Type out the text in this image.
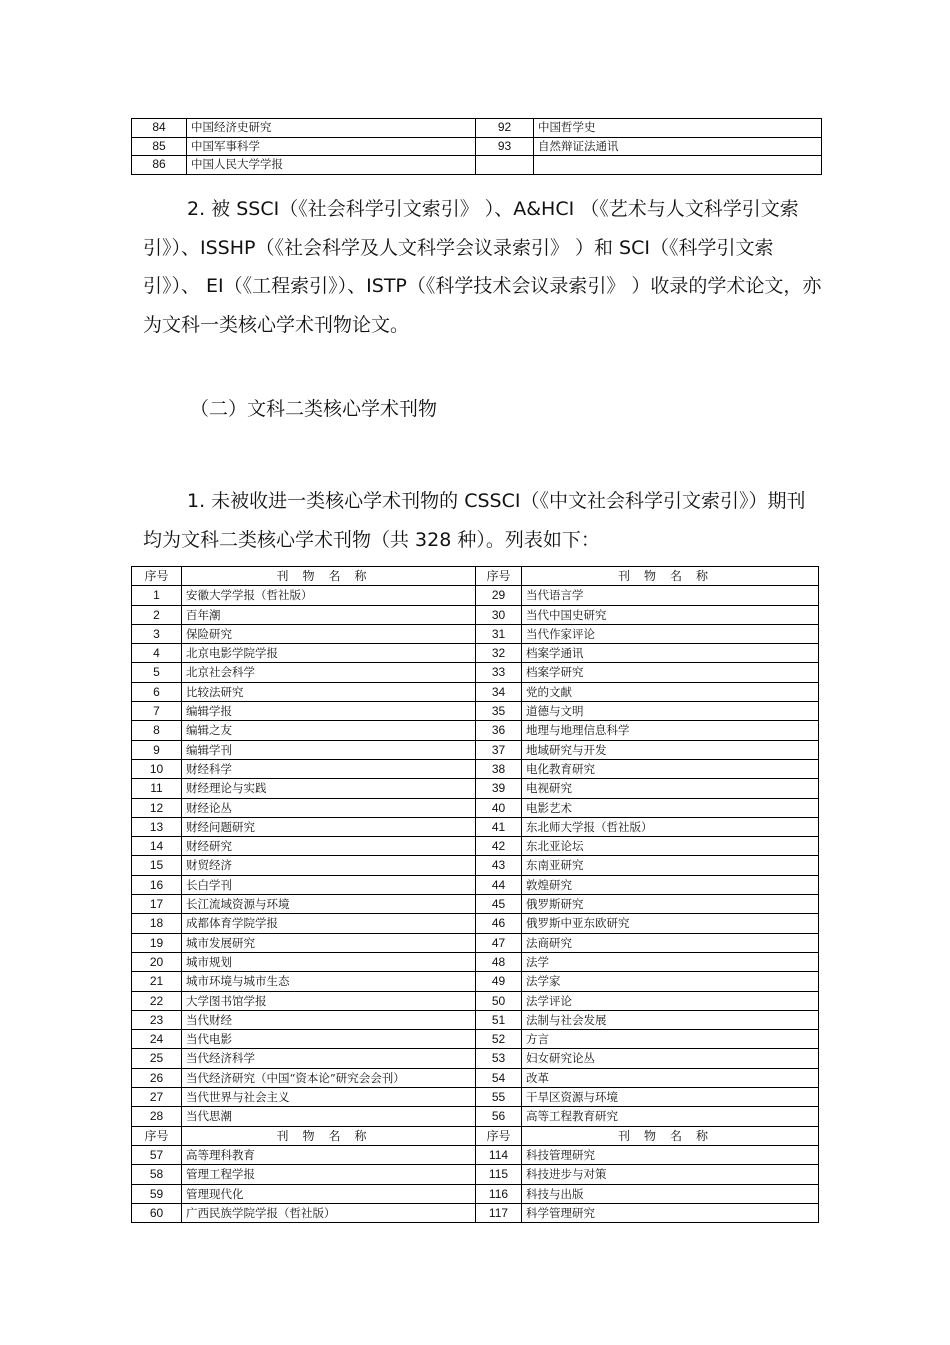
84	中国经济史研究	92	中国哲学史
85	中国军事科学	93	自然辩证法通讯
86	中国人民大学学报		

2. 被 SSCI（《社会科学引文索引》 ）、A&HCI （《艺术与人文科学引文索引》）、ISSHP（《社会科学及人文科学会议录索引》 ）和 SCI（《科学引文索引》）、 EI（《工程索引》）、ISTP（《科学技术会议录索引》 ）收录的学术论文，亦为文科一类核心学术刊物论文。

（二）文科二类核心学术刊物

1. 未被收进一类核心学术刊物的 CSSCI（《中文社会科学引文索引》）期刊均为文科二类核心学术刊物（共 328 种）。列表如下：

序号	刊物名称	序号	刊物名称
1	安徽大学学报（哲社版）	29	当代语言学
2	百年潮	30	当代中国史研究
3	保险研究	31	当代作家评论
4	北京电影学院学报	32	档案学通讯
5	北京社会科学	33	档案学研究
6	比较法研究	34	党的文献
7	编辑学报	35	道德与文明
8	编辑之友	36	地理与地理信息科学
9	编辑学刊	37	地域研究与开发
10	财经科学	38	电化教育研究
11	财经理论与实践	39	电视研究
12	财经论丛	40	电影艺术
13	财经问题研究	41	东北师大学报（哲社版）
14	财经研究	42	东北亚论坛
15	财贸经济	43	东南亚研究
16	长白学刊	44	敦煌研究
17	长江流域资源与环境	45	俄罗斯研究
18	成都体育学院学报	46	俄罗斯中亚东欧研究
19	城市发展研究	47	法商研究
20	城市规划	48	法学
21	城市环境与城市生态	49	法学家
22	大学图书馆学报	50	法学评论
23	当代财经	51	法制与社会发展
24	当代电影	52	方言
25	当代经济科学	53	妇女研究论丛
26	当代经济研究（中国“资本论”研究会会刊）	54	改革
27	当代世界与社会主义	55	干旱区资源与环境
28	当代思潮	56	高等工程教育研究
序号	刊物名称	序号	刊物名称
57	高等理科教育	114	科技管理研究
58	管理工程学报	115	科技进步与对策
59	管理现代化	116	科技与出版
60	广西民族学院学报（哲社版）	117	科学管理研究
